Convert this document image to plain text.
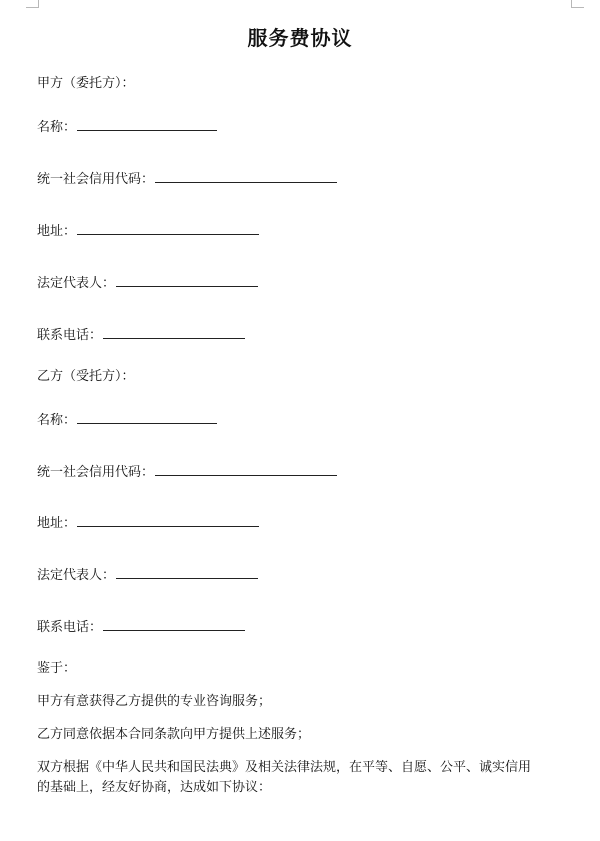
服务费协议
甲方（委托方）：
名称：
统一社会信用代码：
地址：
法定代表人：
联系电话：
乙方（受托方）：
名称：
统一社会信用代码：
地址：
法定代表人：
联系电话：
鉴于：
甲方有意获得乙方提供的专业咨询服务；
乙方同意依据本合同条款向甲方提供上述服务；
双方根据《中华人民共和国民法典》及相关法律法规，在平等、自愿、公平、诚实信用的基础上，经友好协商，达成如下协议：
